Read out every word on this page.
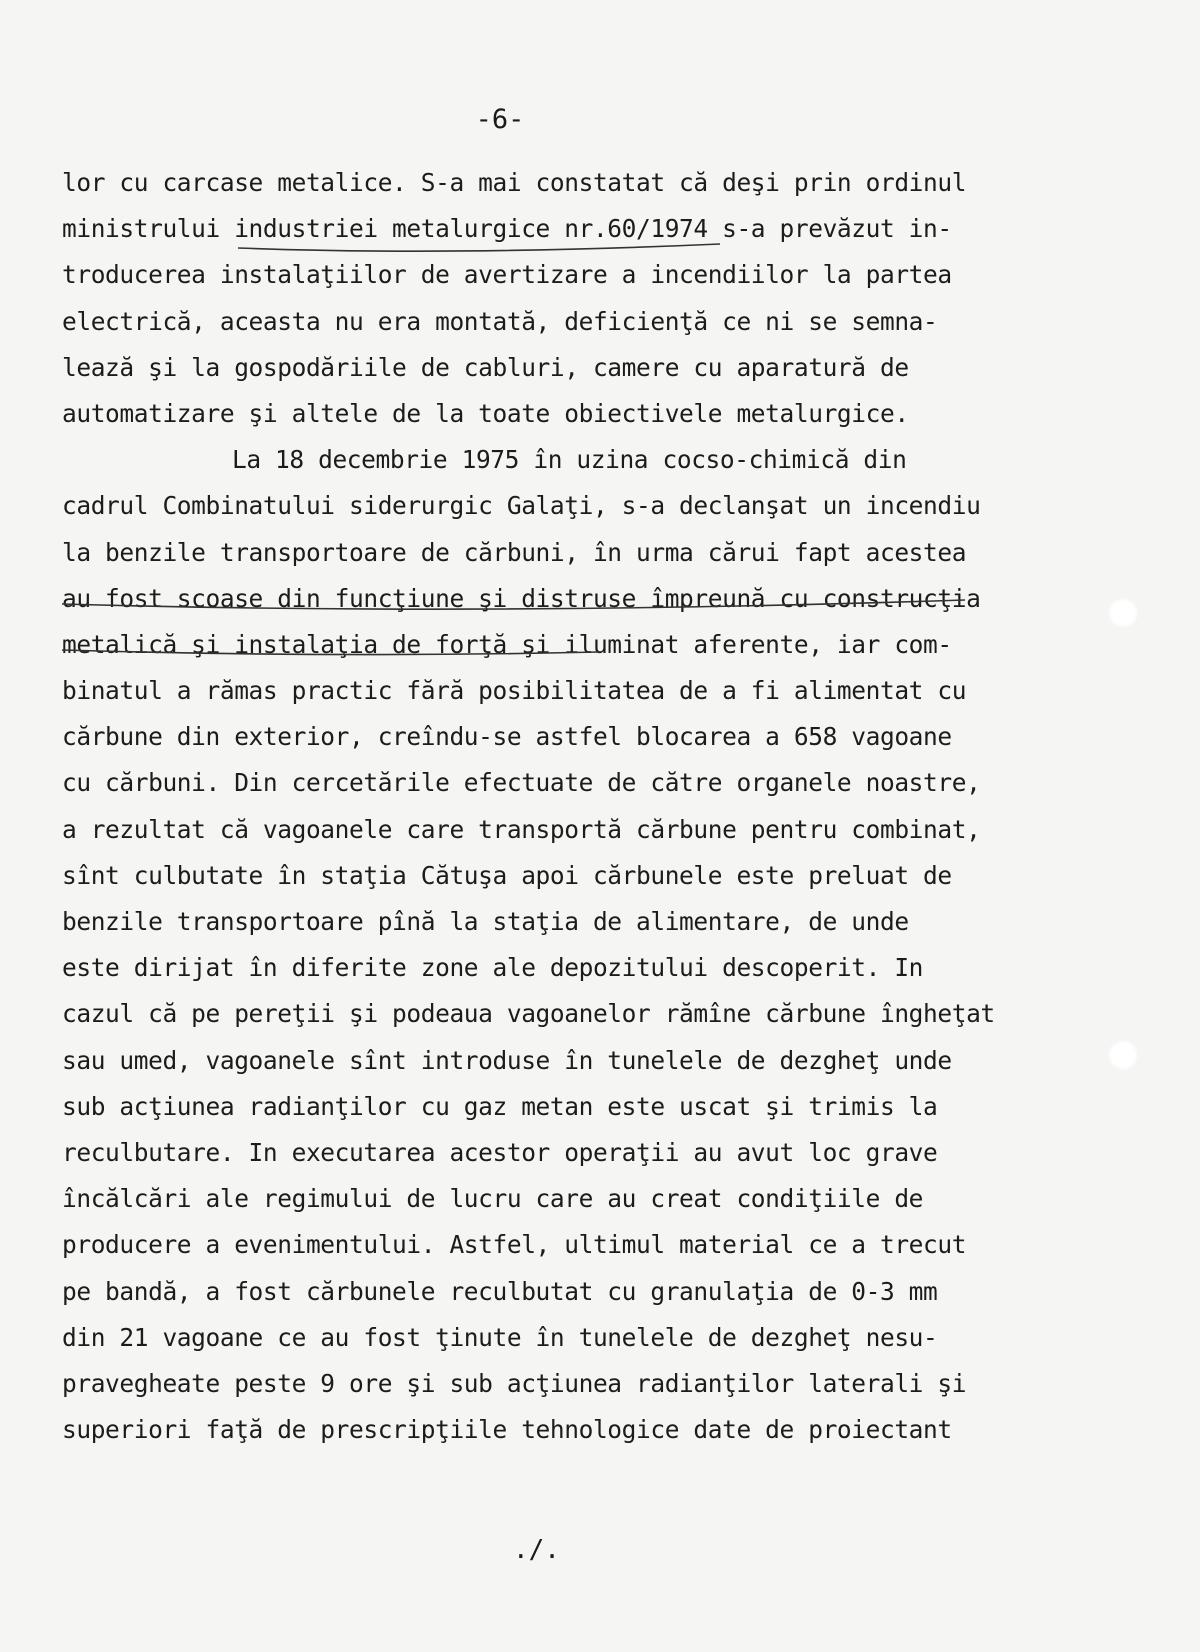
-6-
lor cu carcase metalice. S-a mai constatat că deşi prin ordinul
ministrului industriei metalurgice nr.60/1974 s-a prevăzut in-
troducerea instalaţiilor de avertizare a incendiilor la partea
electrică, aceasta nu era montată, deficienţă ce ni se semna-
lează şi la gospodăriile de cabluri, camere cu aparatură de
automatizare şi altele de la toate obiectivele metalurgice.
La 18 decembrie 1975 în uzina cocso-chimică din
cadrul Combinatului siderurgic Galaţi, s-a declanşat un incendiu
la benzile transportoare de cărbuni, în urma cărui fapt acestea
au fost scoase din funcţiune şi distruse împreună cu construcţia
metalică şi instalaţia de forţă şi iluminat aferente, iar com-
binatul a rămas practic fără posibilitatea de a fi alimentat cu
cărbune din exterior, creîndu-se astfel blocarea a 658 vagoane
cu cărbuni. Din cercetările efectuate de către organele noastre,
a rezultat că vagoanele care transportă cărbune pentru combinat,
sînt culbutate în staţia Cătuşa apoi cărbunele este preluat de
benzile transportoare pînă la staţia de alimentare, de unde
este dirijat în diferite zone ale depozitului descoperit. In
cazul că pe pereţii şi podeaua vagoanelor rămîne cărbune îngheţat
sau umed, vagoanele sînt introduse în tunelele de dezgheţ unde
sub acţiunea radianţilor cu gaz metan este uscat şi trimis la
reculbutare. In executarea acestor operaţii au avut loc grave
încălcări ale regimului de lucru care au creat condiţiile de
producere a evenimentului. Astfel, ultimul material ce a trecut
pe bandă, a fost cărbunele reculbutat cu granulaţia de 0-3 mm
din 21 vagoane ce au fost ţinute în tunelele de dezgheţ nesu-
pravegheate peste 9 ore şi sub acţiunea radianţilor laterali şi
superiori faţă de prescripţiile tehnologice date de proiectant
./.
